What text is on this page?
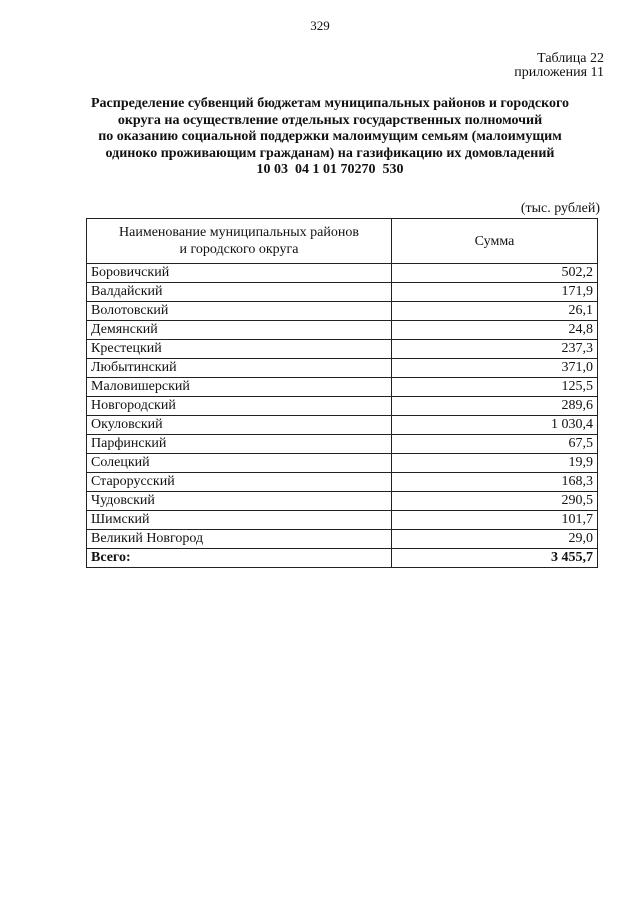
329
Таблица 22
приложения 11
Распределение субвенций бюджетам муниципальных районов и городского
округа на осуществление отдельных государственных полномочий
по оказанию социальной поддержки малоимущим семьям (малоимущим
одиноко проживающим гражданам) на газификацию их домовладений
10 03  04 1 01 70270  530
(тыс. рублей)
Наименование муниципальных районов
и городского округа	Сумма
Боровичский	502,2
Валдайский	171,9
Волотовский	26,1
Демянский	24,8
Крестецкий	237,3
Любытинский	371,0
Маловишерский	125,5
Новгородский	289,6
Окуловский	1 030,4
Парфинский	67,5
Солецкий	19,9
Старорусский	168,3
Чудовский	290,5
Шимский	101,7
Великий Новгород	29,0
Всего:	3 455,7
